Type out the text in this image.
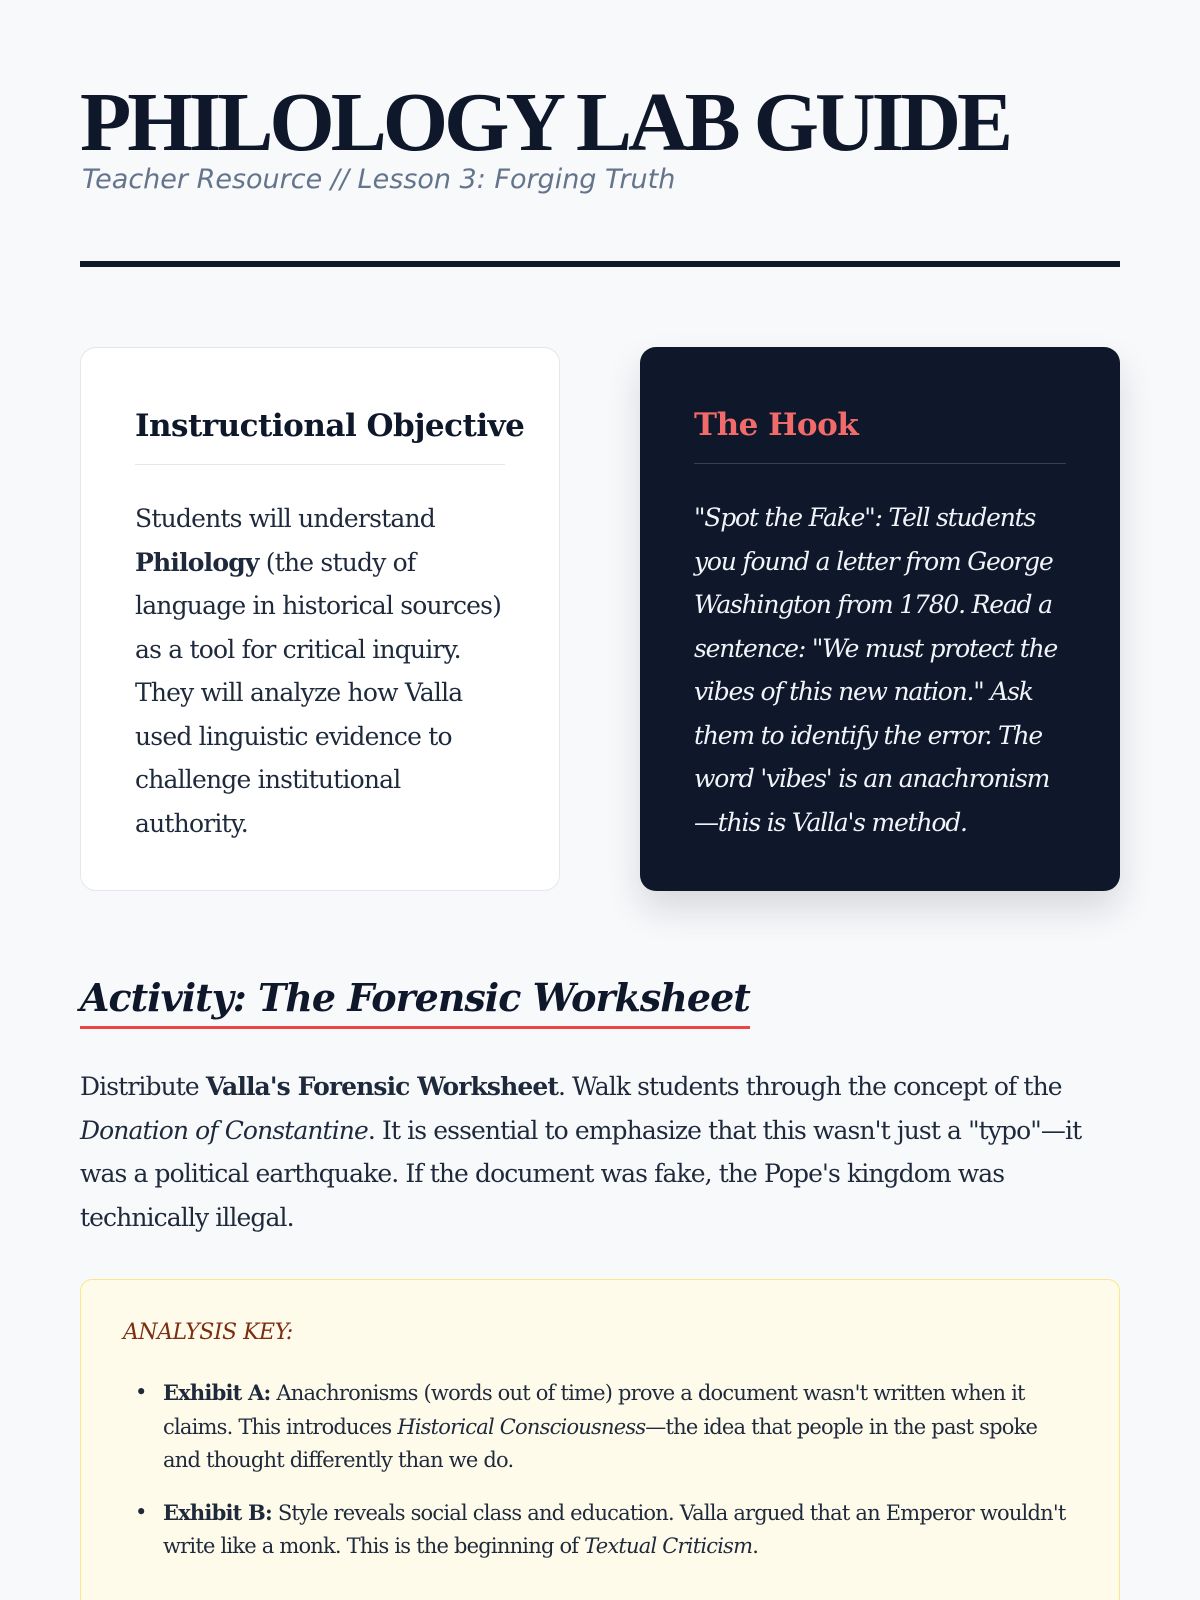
PHILOLOGY LAB GUIDE
Teacher Resource // Lesson 3: Forging Truth
Instructional Objective

Students will understand Philology (the study of language in historical sources) as a tool for critical inquiry. They will analyze how Valla used linguistic evidence to challenge institutional authority.

The Hook

"Spot the Fake": Tell students you found a letter from George Washington from 1780. Read a sentence: "We must protect the vibes of this new nation." Ask them to identify the error. The word 'vibes' is an anachronism—this is Valla's method.

Activity: The Forensic Worksheet

Distribute Valla's Forensic Worksheet. Walk students through the concept of the Donation of Constantine. It is essential to emphasize that this wasn't just a "typo"—it was a political earthquake. If the document was fake, the Pope's kingdom was technically illegal.

ANALYSIS KEY:
• Exhibit A: Anachronisms (words out of time) prove a document wasn't written when it claims. This introduces Historical Consciousness—the idea that people in the past spoke and thought differently than we do.
• Exhibit B: Style reveals social class and education. Valla argued that an Emperor wouldn't write like a monk. This is the beginning of Textual Criticism.
